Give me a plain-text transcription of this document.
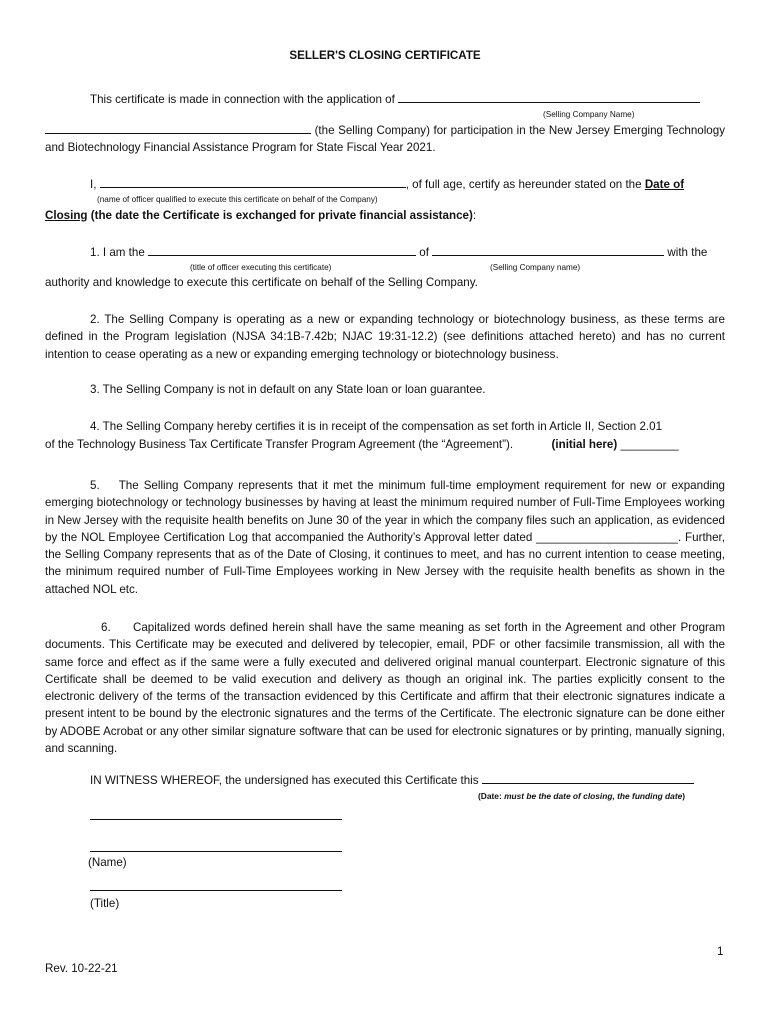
SELLER'S CLOSING CERTIFICATE
This certificate is made in connection with the application of
(Selling Company Name)
(the Selling Company) for participation in the New Jersey Emerging Technology and Biotechnology Financial Assistance Program for State Fiscal Year 2021.
I,	, of full age, certify as hereunder stated on the Date of
(name of officer qualified to execute this certificate on behalf of the Company)
Closing (the date the Certificate is exchanged for private financial assistance):
1. I am the	of	with the
(title of officer executing this certificate)	(Selling Company name)
authority and knowledge to execute this certificate on behalf of the Selling Company.
2. The Selling Company is operating as a new or expanding technology or biotechnology business, as these terms are defined in the Program legislation (NJSA 34:1B-7.42b; NJAC 19:31-12.2) (see definitions attached hereto) and has no current intention to cease operating as a new or expanding emerging technology or biotechnology business.
3. The Selling Company is not in default on any State loan or loan guarantee.
4. The Selling Company hereby certifies it is in receipt of the compensation as set forth in Article II, Section 2.01
of the Technology Business Tax Certificate Transfer Program Agreement (the “Agreement”).	(initial here) _________
5. The Selling Company represents that it met the minimum full-time employment requirement for new or expanding emerging biotechnology or technology businesses by having at least the minimum required number of Full-Time Employees working in New Jersey with the requisite health benefits on June 30 of the year in which the company files such an application, as evidenced by the NOL Employee Certification Log that accompanied the Authority’s Approval letter dated ______________________. Further, the Selling Company represents that as of the Date of Closing, it continues to meet, and has no current intention to cease meeting, the minimum required number of Full-Time Employees working in New Jersey with the requisite health benefits as shown in the attached NOL etc.
6. Capitalized words defined herein shall have the same meaning as set forth in the Agreement and other Program documents. This Certificate may be executed and delivered by telecopier, email, PDF or other facsimile transmission, all with the same force and effect as if the same were a fully executed and delivered original manual counterpart. Electronic signature of this Certificate shall be deemed to be valid execution and delivery as though an original ink. The parties explicitly consent to the electronic delivery of the terms of the transaction evidenced by this Certificate and affirm that their electronic signatures indicate a present intent to be bound by the electronic signatures and the terms of the Certificate. The electronic signature can be done either by ADOBE Acrobat or any other similar signature software that can be used for electronic signatures or by printing, manually signing, and scanning.
IN WITNESS WHEREOF, the undersigned has executed this Certificate this
(Date: must be the date of closing, the funding date)
(Name)
(Title)
1
Rev. 10-22-21
